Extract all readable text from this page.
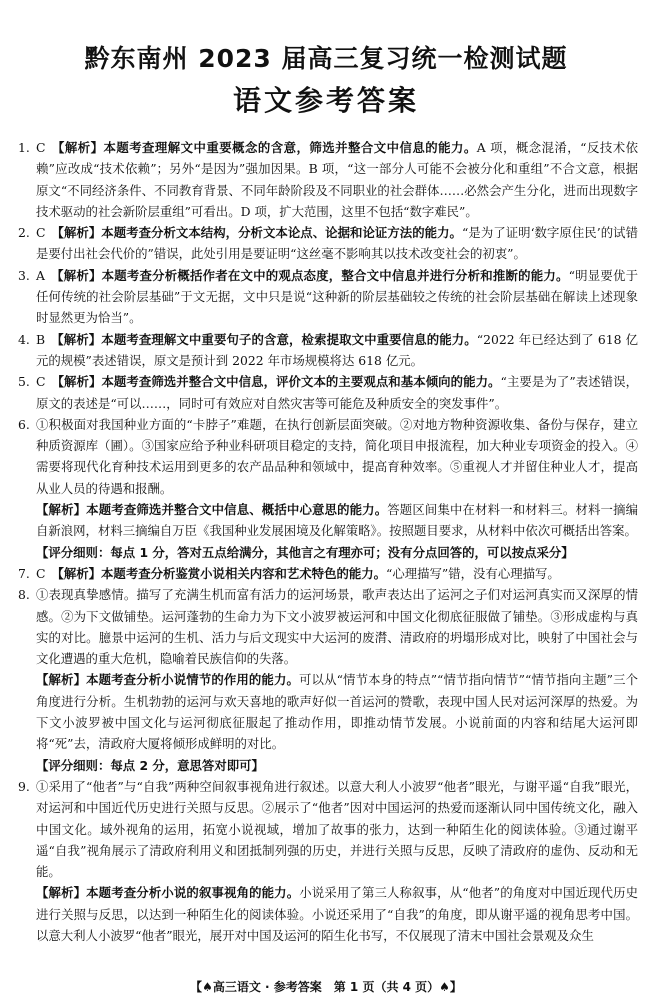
黔东南州 2023 届高三复习统一检测试题
语文参考答案
1. C 【解析】本题考查理解文中重要概念的含意，筛选并整合文中信息的能力。A 项，概念混淆，“反技术依赖”应改成“技术依赖”；另外“是因为”强加因果。B 项，“这一部分人可能不会被分化和重组”不合文意，根据原文“不同经济条件、不同教育背景、不同年龄阶段及不同职业的社会群体……必然会产生分化，进而出现数字技术驱动的社会新阶层重组”可看出。D 项，扩大范围，这里不包括“数字难民”。
2. C 【解析】本题考查分析文本结构，分析文本论点、论据和论证方法的能力。“是为了证明‘数字原住民’的试错是要付出社会代价的”错误，此处引用是要证明“这丝毫不影响其以技术改变社会的初衷”。
3. A 【解析】本题考查分析概括作者在文中的观点态度，整合文中信息并进行分析和推断的能力。“明显要优于任何传统的社会阶层基础”于文无据，文中只是说“这种新的阶层基础较之传统的社会阶层基础在解读上述现象时显然更为恰当”。
4. B 【解析】本题考查理解文中重要句子的含意，检索提取文中重要信息的能力。“2022 年已经达到了 618 亿元的规模”表述错误，原文是预计到 2022 年市场规模将达 618 亿元。
5. C 【解析】本题考查筛选并整合文中信息，评价文本的主要观点和基本倾向的能力。“主要是为了”表述错误，原文的表述是“可以……，同时可有效应对自然灾害等可能危及种质安全的突发事件”。
6. ①积极面对我国种业方面的“卡脖子”难题，在执行创新层面突破。②对地方物种资源收集、备份与保存，建立种质资源库（圃）。③国家应给予种业科研项目稳定的支持，简化项目申报流程，加大种业专项资金的投入。④需要将现代化育种技术运用到更多的农产品品种和领域中，提高育种效率。⑤重视人才并留住种业人才，提高从业人员的待遇和报酬。
【解析】本题考查筛选并整合文中信息、概括中心意思的能力。答题区间集中在材料一和材料三。材料一摘编自新浪网，材料三摘编自万臣《我国种业发展困境及化解策略》。按照题目要求，从材料中依次可概括出答案。
【评分细则：每点 1 分，答对五点给满分，其他言之有理亦可；没有分点回答的，可以按点采分】
7. C 【解析】本题考查分析鉴赏小说相关内容和艺术特色的能力。“心理描写”错，没有心理描写。
8. ①表现真挚感情。描写了充满生机而富有活力的运河场景，歌声表达出了运河之子们对运河真实而又深厚的情感。②为下文做铺垫。运河蓬勃的生命力为下文小波罗被运河和中国文化彻底征服做了铺垫。③形成虚构与真实的对比。臆景中运河的生机、活力与后文现实中大运河的废潸、清政府的坍塌形成对比，映射了中国社会与文化遭遇的重大危机，隐喻着民族信仰的失落。
【解析】本题考查分析小说情节的作用的能力。可以从“情节本身的特点”“情节指向情节”“情节指向主题”三个角度进行分析。生机勃勃的运河与欢天喜地的歌声好似一首运河的赞歌，表现中国人民对运河深厚的热爱。为下文小波罗被中国文化与运河彻底征服起了推动作用，即推动情节发展。小说前面的内容和结尾大运河即将“死”去，清政府大厦将倾形成鲜明的对比。
【评分细则：每点 2 分，意思答对即可】
9. ①采用了“他者”与“自我”两种空间叙事视角进行叙述。以意大利人小波罗“他者”眼光，与谢平遥“自我”眼光，对运河和中国近代历史进行关照与反思。②展示了“他者”因对中国运河的热爱而逐渐认同中国传统文化，融入中国文化。域外视角的运用，拓宽小说视域，增加了故事的张力，达到一种陌生化的阅读体验。③通过谢平遥“自我”视角展示了清政府利用义和团抵制列强的历史，并进行关照与反思，反映了清政府的虚伪、反动和无能。
【解析】本题考查分析小说的叙事视角的能力。小说采用了第三人称叙事，从“他者”的角度对中国近现代历史进行关照与反思，以达到一种陌生化的阅读体验。小说还采用了“自我”的角度，即从谢平遥的视角思考中国。以意大利人小波罗“他者”眼光，展开对中国及运河的陌生化书写，不仅展现了清末中国社会景观及众生
【♠高三语文 · 参考答案　第 1 页（共 4 页）♠】
